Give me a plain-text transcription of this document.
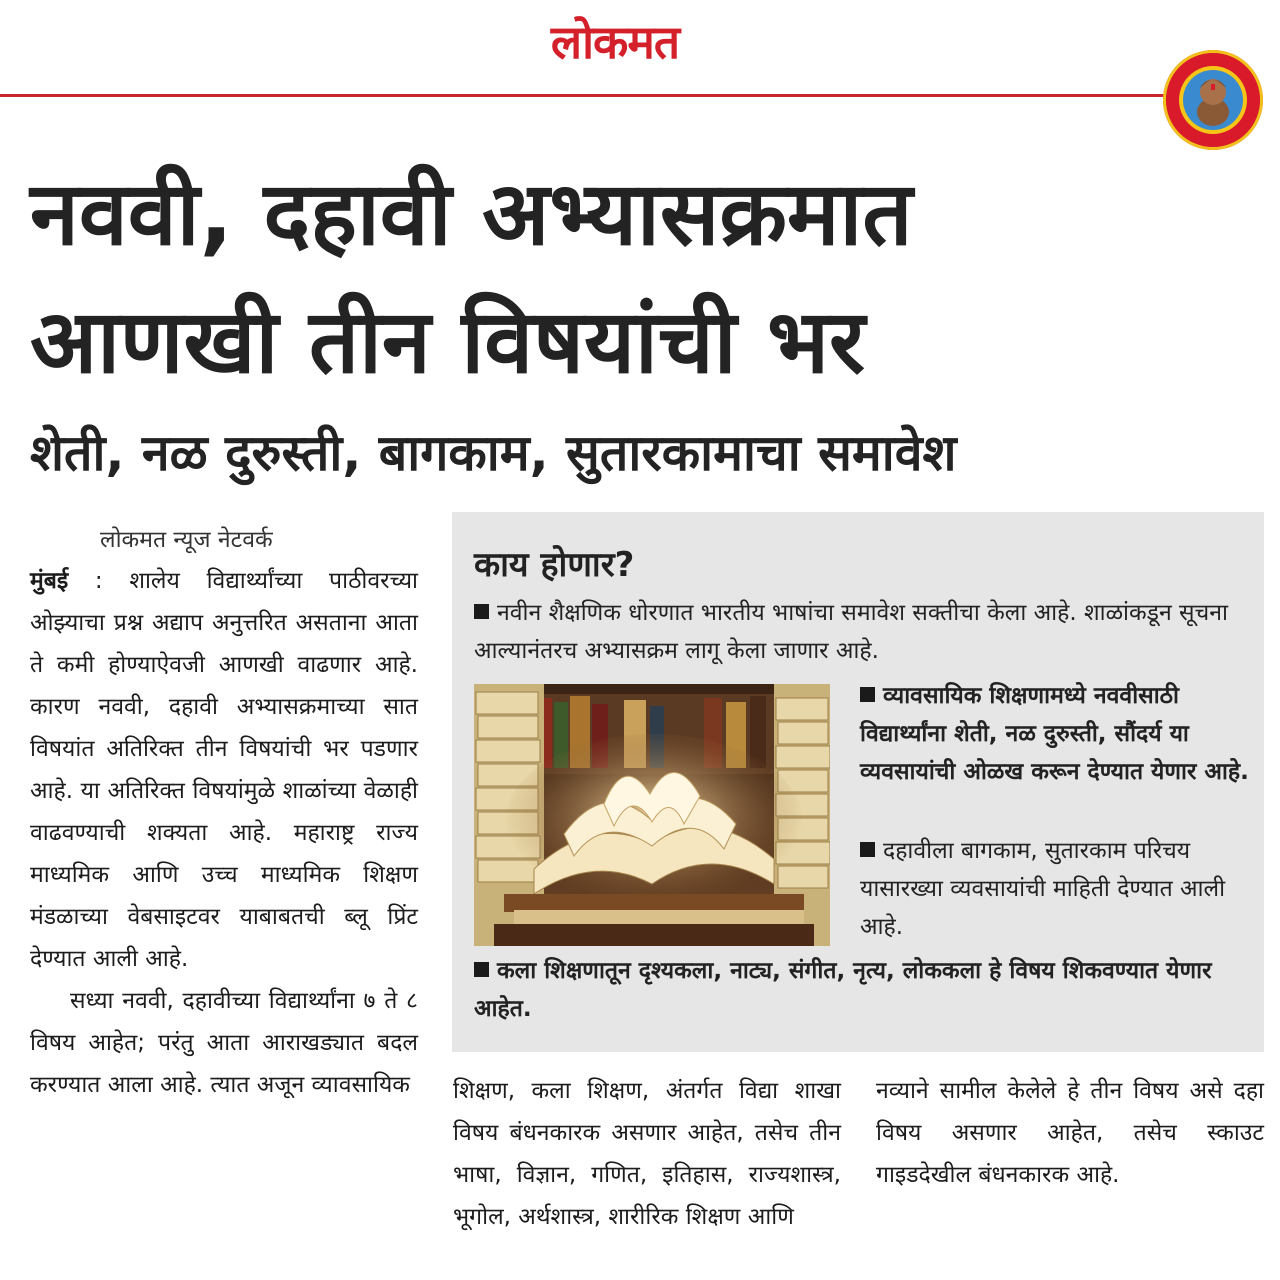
लोकमत
नववी, दहावी अभ्यासक्रमात
आणखी तीन विषयांची भर
शेती, नळ दुरुस्ती, बागकाम, सुतारकामाचा समावेश
लोकमत न्यूज नेटवर्क

मुंबई : शालेय विद्यार्थ्यांच्या पाठीवरच्या ओझ्याचा प्रश्न अद्याप अनुत्तरित असताना आता ते कमी होण्याऐवजी आणखी वाढणार आहे. कारण नववी, दहावी अभ्यासक्रमाच्या सात विषयांत अतिरिक्त तीन विषयांची भर पडणार आहे. या अतिरिक्त विषयांमुळे शाळांच्या वेळाही वाढवण्याची शक्यता आहे. महाराष्ट्र राज्य माध्यमिक आणि उच्च माध्यमिक शिक्षण मंडळाच्या वेबसाइटवर याबाबतची ब्लू प्रिंट देण्यात आली आहे.

सध्या नववी, दहावीच्या विद्यार्थ्यांना ७ ते ८ विषय आहेत; परंतु आता आराखड्यात बदल करण्यात आला आहे. त्यात अजून व्यावसायिक

काय होणार?

नवीन शैक्षणिक धोरणात भारतीय भाषांचा समावेश सक्तीचा केला आहे. शाळांकडून सूचना आल्यानंतरच अभ्यासक्रम लागू केला जाणार आहे.

व्यावसायिक शिक्षणामध्ये नववीसाठी विद्यार्थ्यांना शेती, नळ दुरुस्ती, सौंदर्य या व्यवसायांची ओळख करून देण्यात येणार आहे.

दहावीला बागकाम, सुतारकाम परिचय यासारख्या व्यवसायांची माहिती देण्यात आली आहे.

कला शिक्षणातून दृश्यकला, नाट्य, संगीत, नृत्य, लोककला हे विषय शिकवण्यात येणार आहेत.

शिक्षण, कला शिक्षण, अंतर्गत विद्या शाखा विषय बंधनकारक असणार आहेत, तसेच तीन भाषा, विज्ञान, गणित, इतिहास, राज्यशास्त्र, भूगोल, अर्थशास्त्र, शारीरिक शिक्षण आणि

नव्याने सामील केलेले हे तीन विषय असे दहा विषय असणार आहेत, तसेच स्काउट गाइडदेखील बंधनकारक आहे.
